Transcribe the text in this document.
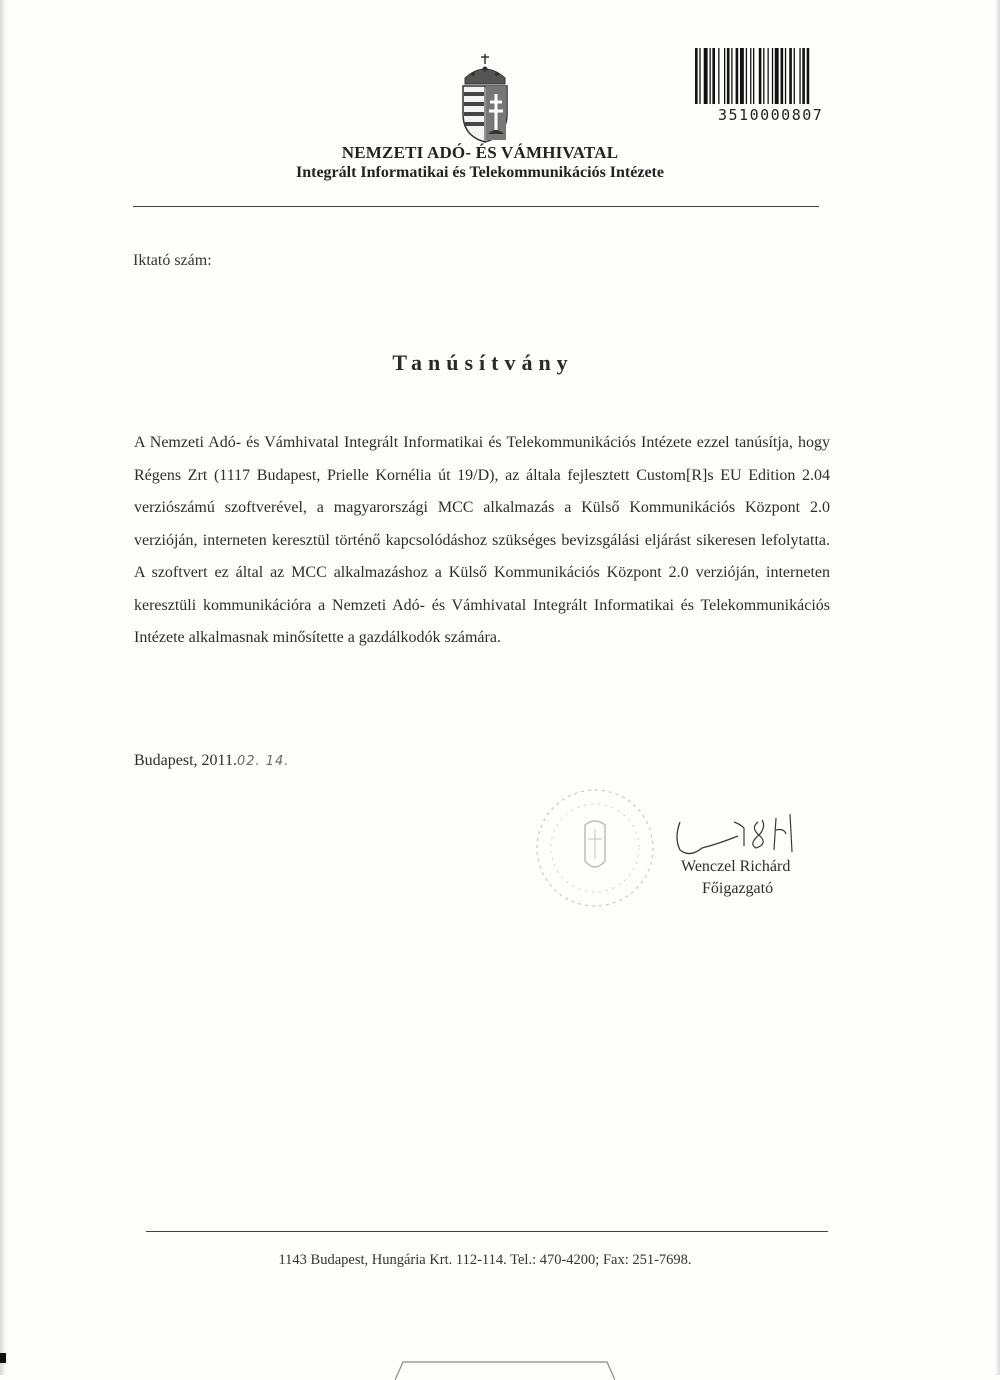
3510000807
NEMZETI ADÓ- ÉS VÁMHIVATAL
Integrált Informatikai és Telekommunikációs Intézete
Iktató szám:
Tanúsítvány
A Nemzeti Adó- és Vámhivatal Integrált Informatikai és Telekommunikációs Intézete ezzel tanúsítja, hogy Régens Zrt (1117 Budapest, Prielle Kornélia út 19/D), az általa fejlesztett Custom[R]s EU Edition 2.04 verziószámú szoftverével, a magyarországi MCC alkalmazás a Külső Kommunikációs Központ 2.0 verzióján, interneten keresztül történő kapcsolódáshoz szükséges bevizsgálási eljárást sikeresen lefolytatta. A szoftvert ez által az MCC alkalmazáshoz a Külső Kommunikációs Központ 2.0 verzióján, interneten keresztüli kommunikációra a Nemzeti Adó- és Vámhivatal Integrált Informatikai és Telekommunikációs Intézete alkalmasnak minősítette a gazdálkodók számára.
Budapest, 2011.02. 14.
Wenczel Richárd
Főigazgató
1143 Budapest, Hungária Krt. 112-114. Tel.: 470-4200; Fax: 251-7698.
